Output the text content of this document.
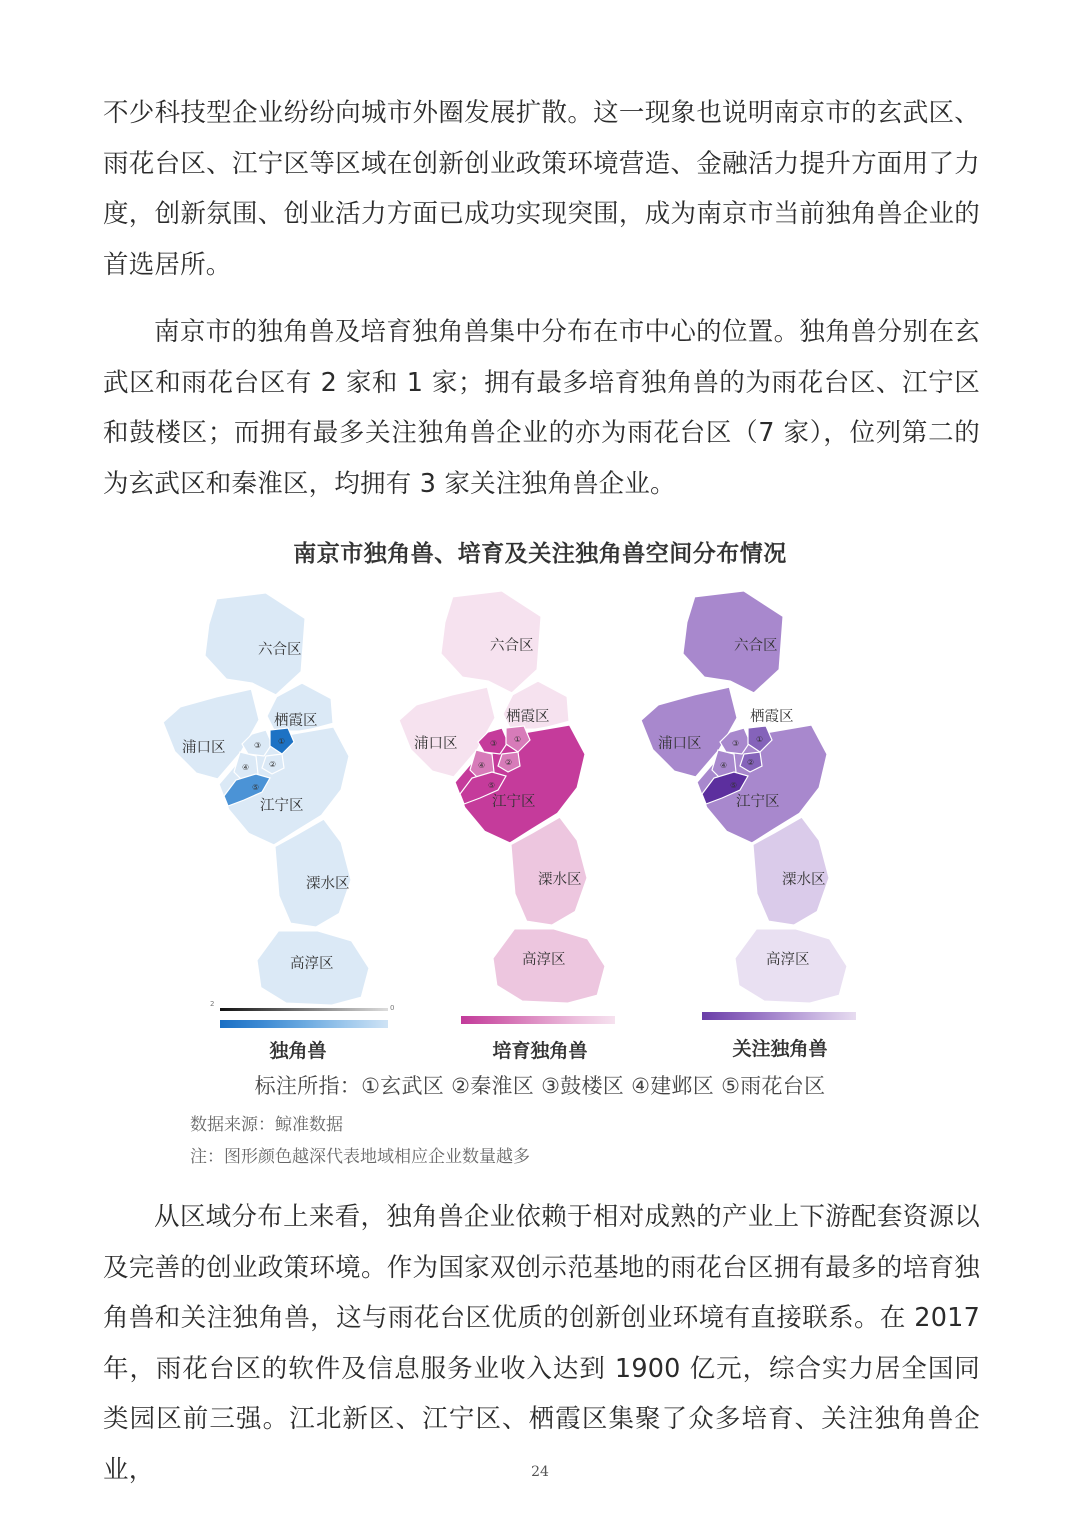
不少科技型企业纷纷向城市外圈发展扩散。这一现象也说明南京市的玄武区、雨花台区、江宁区等区域在创新创业政策环境营造、金融活力提升方面用了力度，创新氛围、创业活力方面已成功实现突围，成为南京市当前独角兽企业的首选居所。

南京市的独角兽及培育独角兽集中分布在市中心的位置。独角兽分别在玄武区和雨花台区有 2 家和 1 家；拥有最多培育独角兽的为雨花台区、江宁区和鼓楼区；而拥有最多关注独角兽企业的亦为雨花台区（7 家），位列第二的为玄武区和秦淮区，均拥有 3 家关注独角兽企业。

南京市独角兽、培育及关注独角兽空间分布情况
六合区
栖霞区
浦口区
江宁区
溧水区
高淳区
①
②
③
④
⑤
六合区
栖霞区
浦口区
江宁区
溧水区
高淳区
①
②
③
④
⑤
六合区
栖霞区
浦口区
江宁区
溧水区
高淳区
①
②
③
④
⑤
2	0
独角兽	培育独角兽	关注独角兽

标注所指：①玄武区 ②秦淮区 ③鼓楼区 ④建邺区 ⑤雨花台区

数据来源：鲸准数据

注：图形颜色越深代表地域相应企业数量越多

从区域分布上来看，独角兽企业依赖于相对成熟的产业上下游配套资源以及完善的创业政策环境。作为国家双创示范基地的雨花台区拥有最多的培育独角兽和关注独角兽，这与雨花台区优质的创新创业环境有直接联系。在 2017 年，雨花台区的软件及信息服务业收入达到 1900 亿元，综合实力居全国同类园区前三强。江北新区、江宁区、栖霞区集聚了众多培育、关注独角兽企业，	24
